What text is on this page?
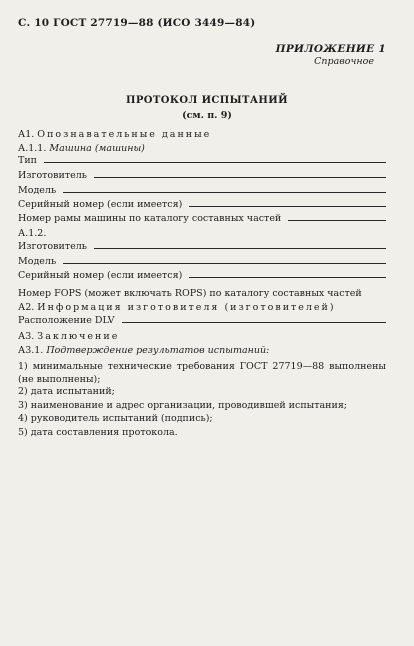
С. 10 ГОСТ 27719—88 (ИСО 3449—84)
ПРИЛОЖЕНИЕ 1
Справочное
ПРОТОКОЛ ИСПЫТАНИЙ
(см. п. 9)
А1. Опознавательные данные
А.1.1. Машина (машины)
Тип
Изготовитель
Модель
Серийный номер (если имеется)
Номер рамы машины по каталогу составных частей
А.1.2.
Изготовитель
Модель
Серийный номер (если имеется)
Номер FOPS (может включать ROPS) по каталогу составных частей
А2. Информация изготовителя (изготовителей)
Расположение DLV
А3. Заключение
А3.1. Подтверждение результатов испытаний:
1) минимальные технические требования ГОСТ 27719—88 выполнены (не выполнены);
2) дата испытаний;
3) наименование и адрес организации, проводившей испытания;
4) руководитель испытаний (подпись);
5) дата составления протокола.
